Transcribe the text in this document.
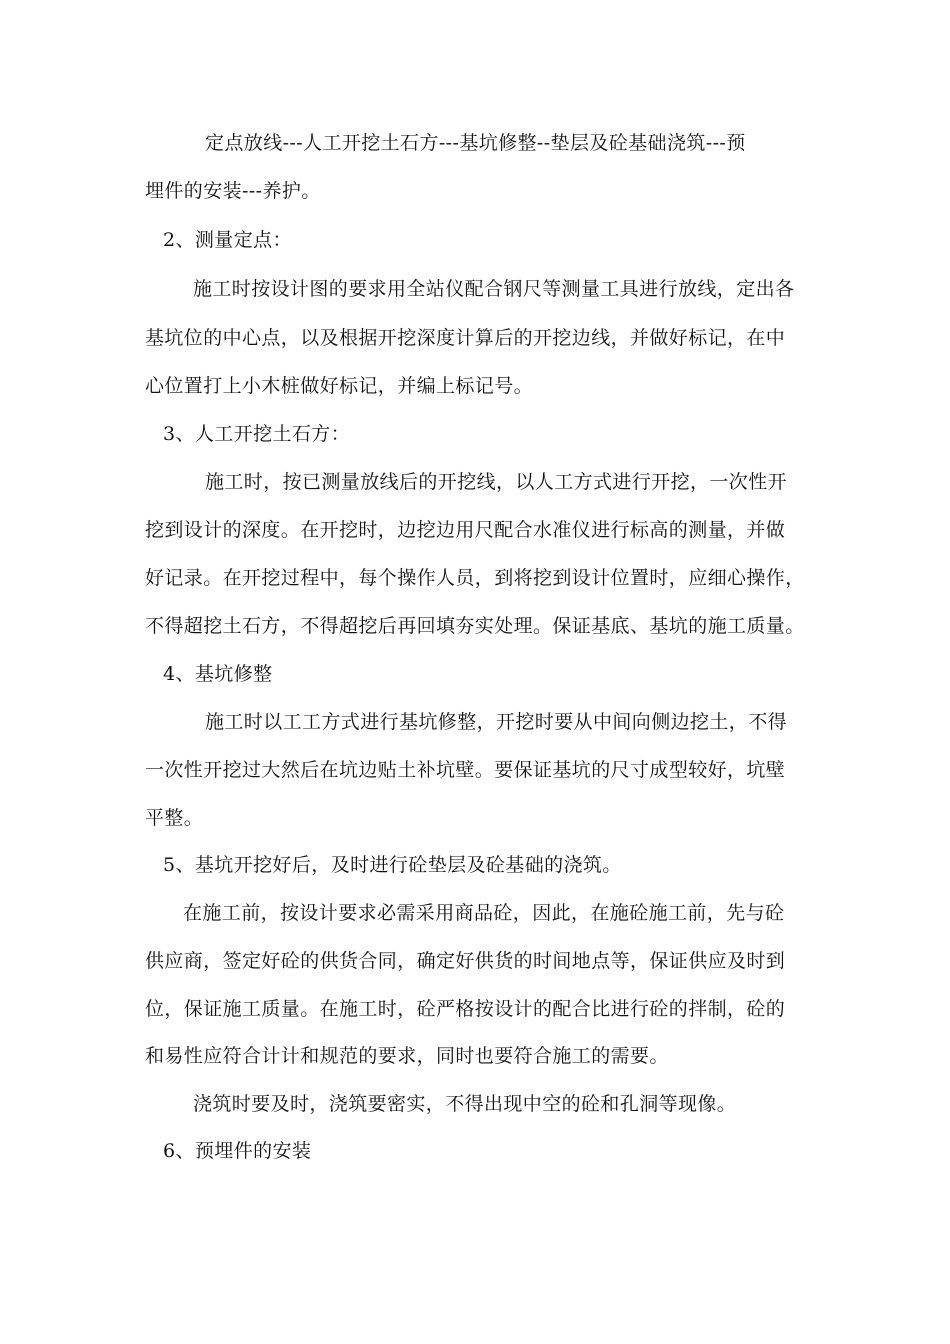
定点放线---人工开挖土石方---基坑修整--垫层及砼基础浇筑---预
埋件的安装---养护。
2、测量定点：
施工时按设计图的要求用全站仪配合钢尺等测量工具进行放线，定出各
基坑位的中心点，以及根据开挖深度计算后的开挖边线，并做好标记，在中
心位置打上小木桩做好标记，并编上标记号。
3、人工开挖土石方：
施工时，按已测量放线后的开挖线，以人工方式进行开挖，一次性开
挖到设计的深度。在开挖时，边挖边用尺配合水准仪进行标高的测量，并做
好记录。在开挖过程中，每个操作人员，到将挖到设计位置时，应细心操作，
不得超挖土石方，不得超挖后再回填夯实处理。保证基底、基坑的施工质量。
4、基坑修整
施工时以工工方式进行基坑修整，开挖时要从中间向侧边挖土，不得
一次性开挖过大然后在坑边贴土补坑壁。要保证基坑的尺寸成型较好，坑壁
平整。
5、基坑开挖好后，及时进行砼垫层及砼基础的浇筑。
在施工前，按设计要求必需采用商品砼，因此，在施砼施工前，先与砼
供应商，签定好砼的供货合同，确定好供货的时间地点等，保证供应及时到
位，保证施工质量。在施工时，砼严格按设计的配合比进行砼的拌制，砼的
和易性应符合计计和规范的要求，同时也要符合施工的需要。
浇筑时要及时，浇筑要密实，不得出现中空的砼和孔洞等现像。
6、预埋件的安装
